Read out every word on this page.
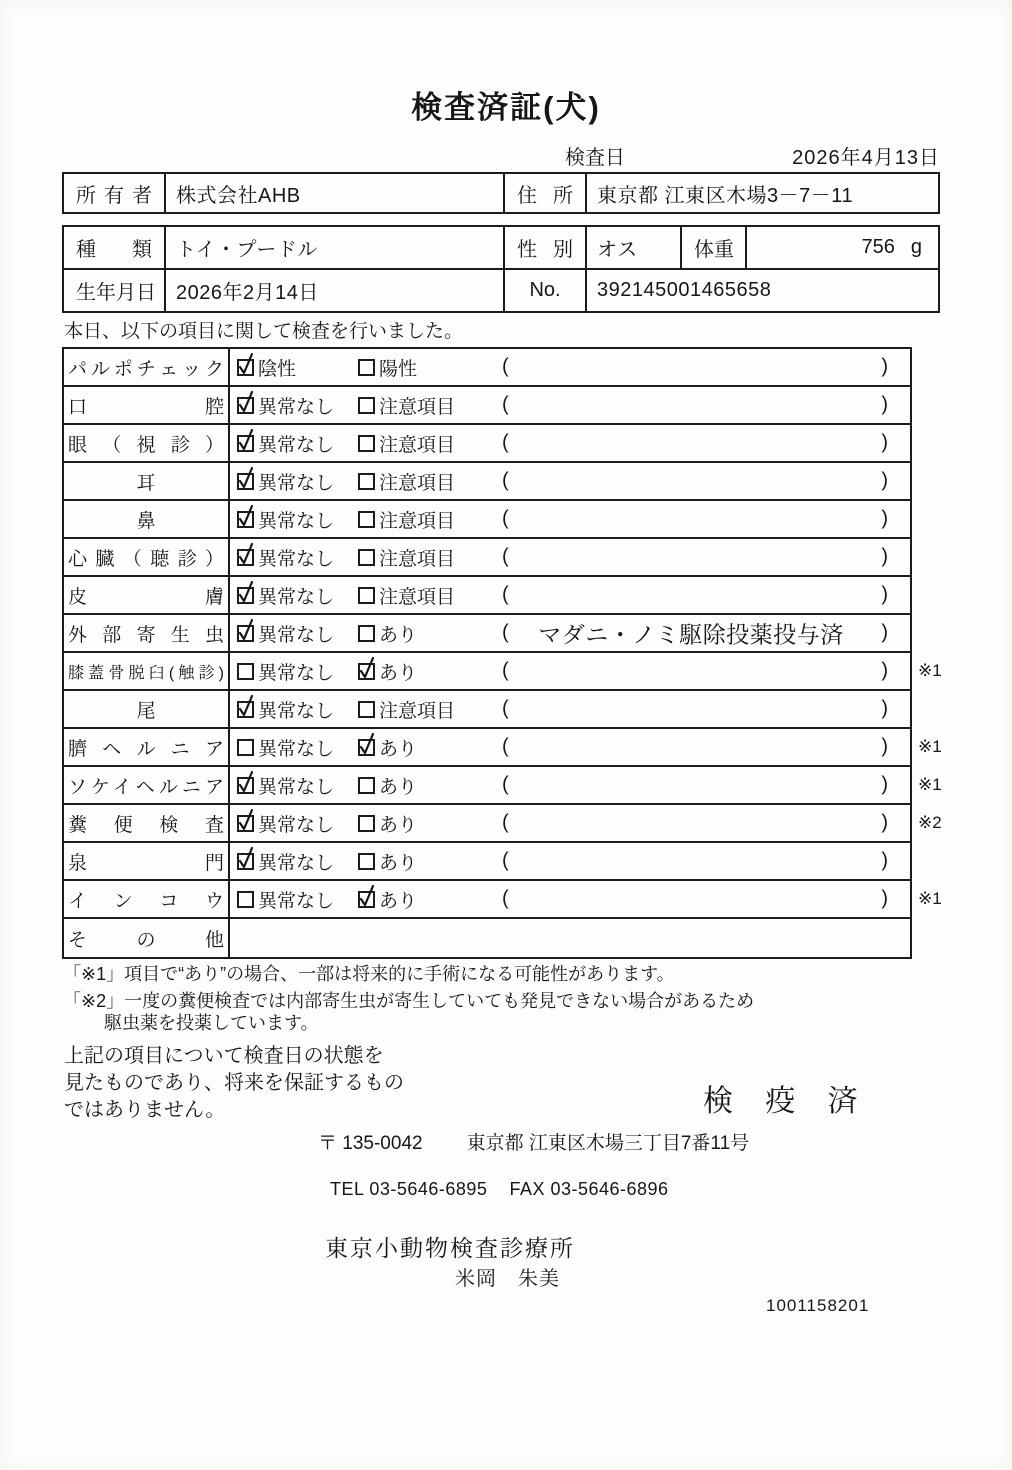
検査済証(犬)
検査日	2026年4月13日
所有者	株式会社AHB	住所	東京都 江東区木場3－7－11
種類	トイ・プードル	性別	オス	体重	756 g
生年月日	2026年2月14日	No.	392145001465658
本日、以下の項目に関して検査を行いました。
パルポチェック 陰性	陽性	(	)
口腔 異常なし 注意項目 (	)
眼（視診） 異常なし 注意項目 (	)
耳	異常なし 注意項目 (	)
鼻	異常なし 注意項目 (	)
心臓（聴診） 異常なし 注意項目 (	)
皮膚 異常なし 注意項目 (	)
外部寄生虫 異常なし あり	(	マダニ・ノミ駆除投薬投与済	)
膝蓋骨脱臼(触診) 異常なし あり	(	) ※1
尾	異常なし 注意項目 (	)
臍ヘルニア 異常なし あり	(	) ※1
ソケイヘルニア 異常なし あり	(	) ※1
糞便検査 異常なし あり	(	) ※2
泉門 異常なし あり	(	)
インコウ 異常なし あり	(	) ※1
その他
「※1」項目で“あり”の場合、一部は将来的に手術になる可能性があります。
「※2」一度の糞便検査では内部寄生虫が寄生していても発見できない場合があるため
駆虫薬を投薬しています。
上記の項目について検査日の状態を
見たものであり、将来を保証するもの
ではありません。	検 疫 済
〒 135-0042 東京都 江東区木場三丁目7番11号
TEL 03-5646-6895 FAX 03-5646-6896
東京小動物検査診療所
米岡　朱美
1001158201
